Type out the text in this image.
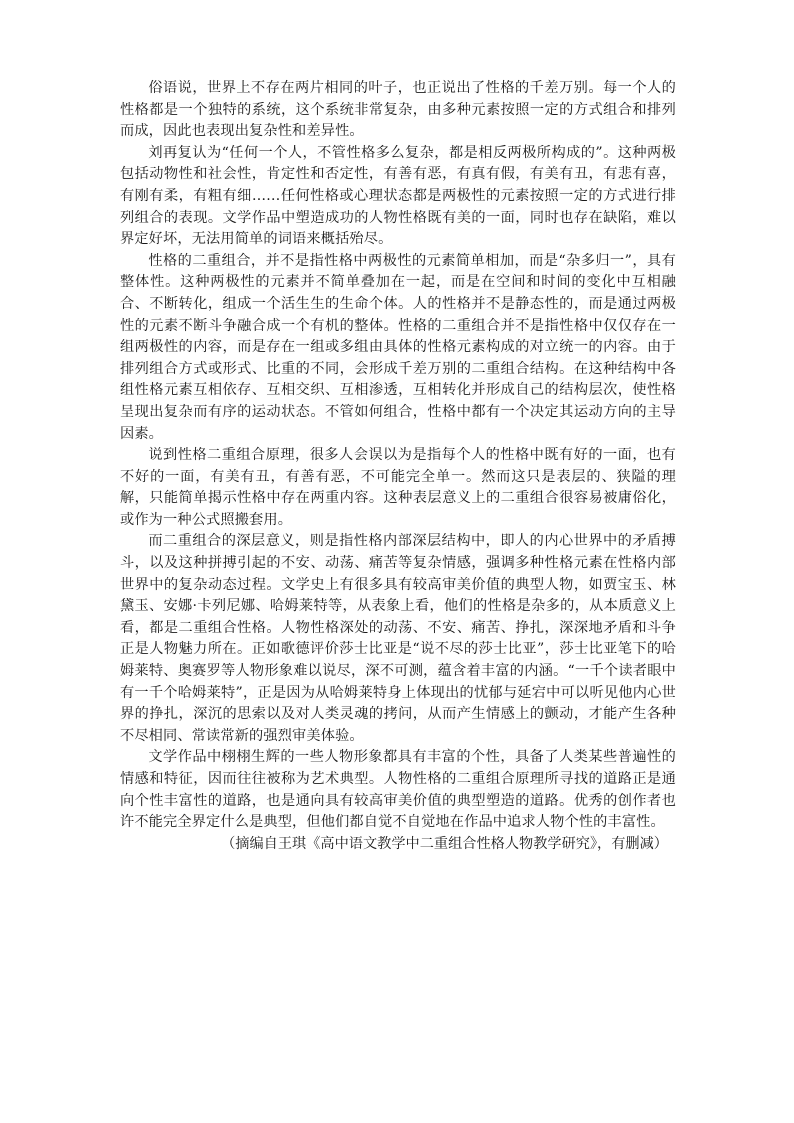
俗语说，世界上不存在两片相同的叶子，也正说出了性格的千差万别。每一个人的性格都是一个独特的系统，这个系统非常复杂，由多种元素按照一定的方式组合和排列而成，因此也表现出复杂性和差异性。

刘再复认为“任何一个人，不管性格多么复杂，都是相反两极所构成的”。这种两极包括动物性和社会性，肯定性和否定性，有善有恶，有真有假，有美有丑，有悲有喜，有刚有柔，有粗有细……任何性格或心理状态都是两极性的元素按照一定的方式进行排列组合的表现。文学作品中塑造成功的人物性格既有美的一面，同时也存在缺陷，难以界定好坏，无法用简单的词语来概括殆尽。

性格的二重组合，并不是指性格中两极性的元素简单相加，而是“杂多归一”，具有整体性。这种两极性的元素并不简单叠加在一起，而是在空间和时间的变化中互相融合、不断转化，组成一个活生生的生命个体。人的性格并不是静态性的，而是通过两极性的元素不断斗争融合成一个有机的整体。性格的二重组合并不是指性格中仅仅存在一组两极性的内容，而是存在一组或多组由具体的性格元素构成的对立统一的内容。由于排列组合方式或形式、比重的不同，会形成千差万别的二重组合结构。在这种结构中各组性格元素互相依存、互相交织、互相渗透，互相转化并形成自己的结构层次，使性格呈现出复杂而有序的运动状态。不管如何组合，性格中都有一个决定其运动方向的主导因素。

说到性格二重组合原理，很多人会误以为是指每个人的性格中既有好的一面，也有不好的一面，有美有丑，有善有恶，不可能完全单一。然而这只是表层的、狭隘的理解，只能简单揭示性格中存在两重内容。这种表层意义上的二重组合很容易被庸俗化，或作为一种公式照搬套用。

而二重组合的深层意义，则是指性格内部深层结构中，即人的内心世界中的矛盾搏斗，以及这种拼搏引起的不安、动荡、痛苦等复杂情感，强调多种性格元素在性格内部世界中的复杂动态过程。文学史上有很多具有较高审美价值的典型人物，如贾宝玉、林黛玉、安娜·卡列尼娜、哈姆莱特等，从表象上看，他们的性格是杂多的，从本质意义上看，都是二重组合性格。人物性格深处的动荡、不安、痛苦、挣扎，深深地矛盾和斗争正是人物魅力所在。正如歌德评价莎士比亚是“说不尽的莎士比亚”，莎士比亚笔下的哈姆莱特、奥赛罗等人物形象难以说尽，深不可测，蕴含着丰富的内涵。“一千个读者眼中有一千个哈姆莱特”，正是因为从哈姆莱特身上体现出的忧郁与延宕中可以听见他内心世界的挣扎，深沉的思索以及对人类灵魂的拷问，从而产生情感上的颤动，才能产生各种不尽相同、常读常新的强烈审美体验。

文学作品中栩栩生辉的一些人物形象都具有丰富的个性，具备了人类某些普遍性的情感和特征，因而往往被称为艺术典型。人物性格的二重组合原理所寻找的道路正是通向个性丰富性的道路，也是通向具有较高审美价值的典型塑造的道路。优秀的创作者也许不能完全界定什么是典型，但他们都自觉不自觉地在作品中追求人物个性的丰富性。

（摘编自王琪《高中语文教学中二重组合性格人物教学研究》，有删减）
